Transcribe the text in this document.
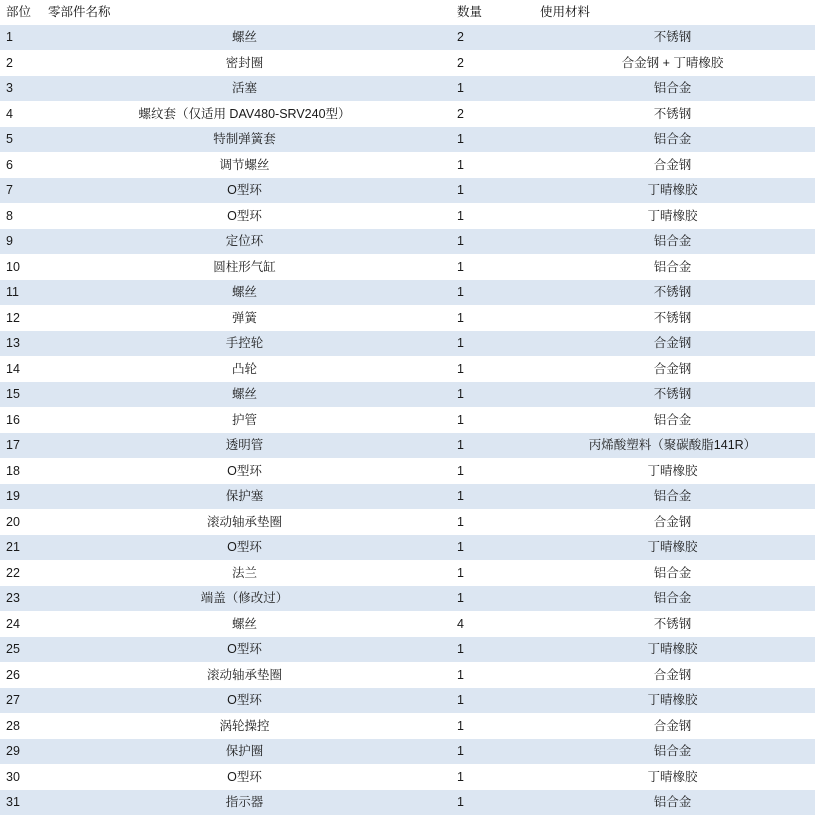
部位	零部件名称	数量	使用材料
1	螺丝	2	不锈钢
2	密封圈	2	合金钢 + 丁晴橡胶
3	活塞	1	铝合金
4	螺纹套（仅适用 DAV480-SRV240型）	2	不锈钢
5	特制弹簧套	1	铝合金
6	调节螺丝	1	合金钢
7	O型环	1	丁晴橡胶
8	O型环	1	丁晴橡胶
9	定位环	1	铝合金
10	圆柱形气缸	1	铝合金
11	螺丝	1	不锈钢
12	弹簧	1	不锈钢
13	手控轮	1	合金钢
14	凸轮	1	合金钢
15	螺丝	1	不锈钢
16	护管	1	铝合金
17	透明管	1	丙烯酸塑料（聚碳酸脂141R）
18	O型环	1	丁晴橡胶
19	保护塞	1	铝合金
20	滚动轴承垫圈	1	合金钢
21	O型环	1	丁晴橡胶
22	法兰	1	铝合金
23	端盖（修改过）	1	铝合金
24	螺丝	4	不锈钢
25	O型环	1	丁晴橡胶
26	滚动轴承垫圈	1	合金钢
27	O型环	1	丁晴橡胶
28	涡轮操控	1	合金钢
29	保护圈	1	铝合金
30	O型环	1	丁晴橡胶
31	指示器	1	铝合金
